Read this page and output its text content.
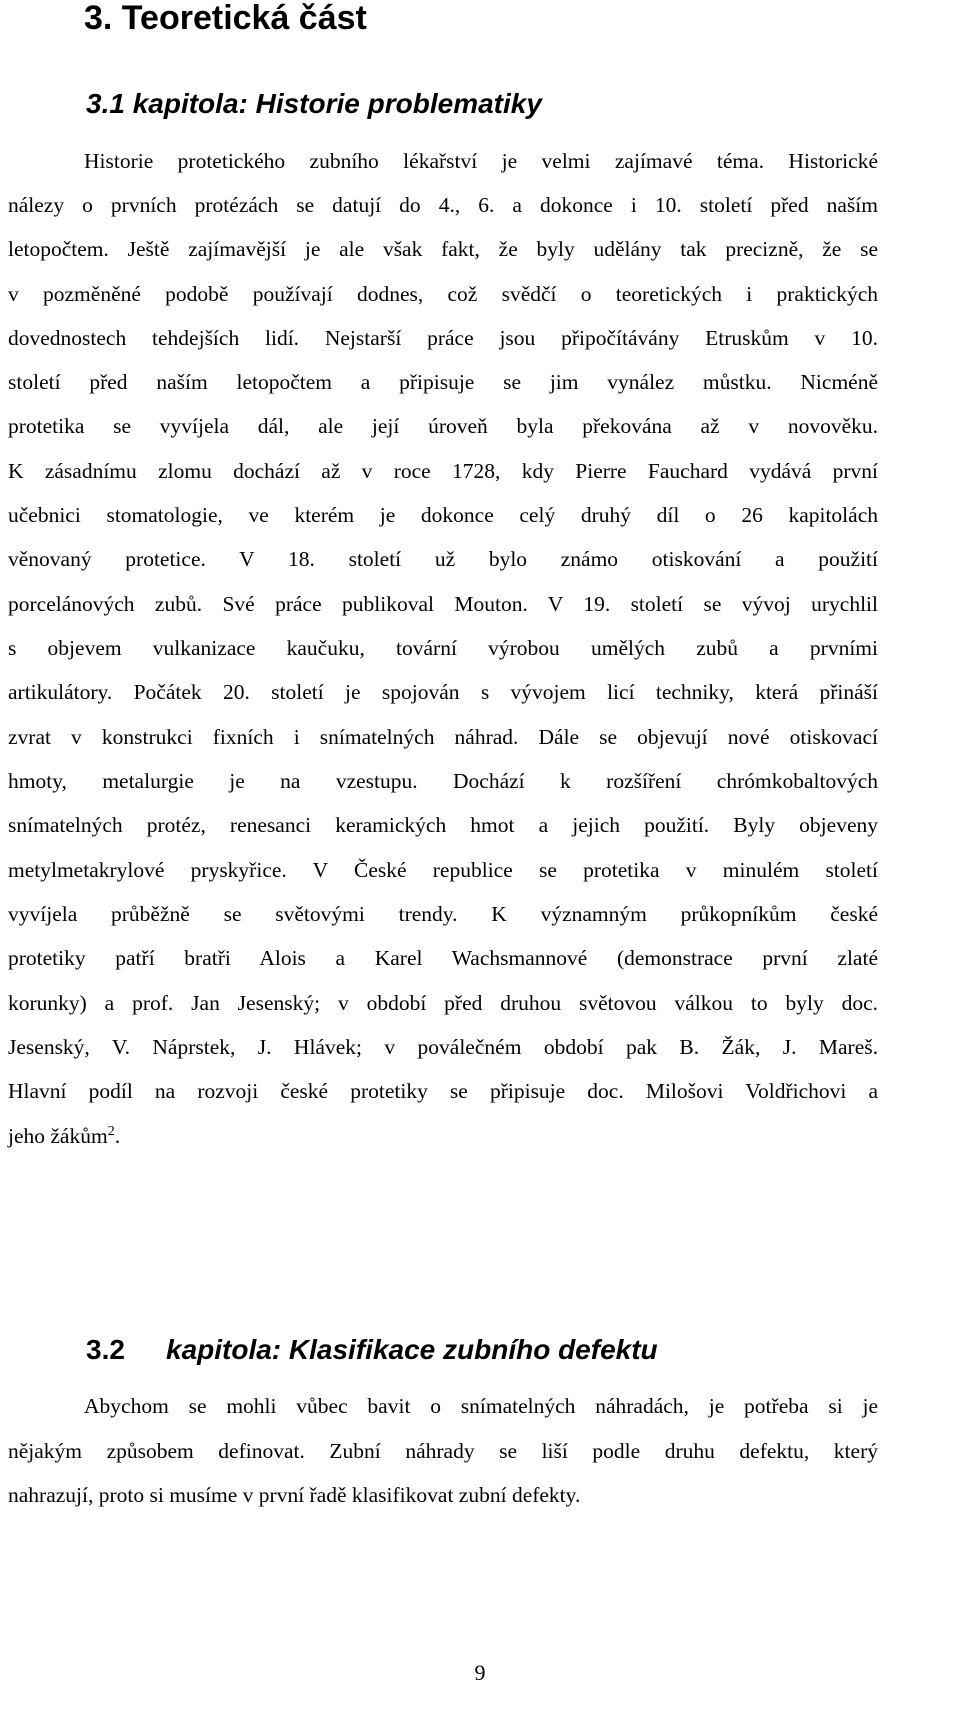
3. Teoretická část
3.1 kapitola: Historie problematiky
Historie protetického zubního lékařství je velmi zajímavé téma. Historické
nálezy o prvních protézách se datují do 4., 6. a dokonce i 10. století před naším
letopočtem. Ještě zajímavější je ale však fakt, že byly udělány tak precizně, že se
v pozměněné podobě používají dodnes, což svědčí o teoretických i praktických
dovednostech tehdejších lidí. Nejstarší práce jsou připočítávány Etruskům v 10.
století před naším letopočtem a připisuje se jim vynález můstku. Nicméně
protetika se vyvíjela dál, ale její úroveň byla překována až v novověku.
K zásadnímu zlomu dochází až v roce 1728, kdy Pierre Fauchard vydává první
učebnici stomatologie, ve kterém je dokonce celý druhý díl o 26 kapitolách
věnovaný protetice. V 18. století už bylo známo otiskování a použití
porcelánových zubů. Své práce publikoval Mouton. V 19. století se vývoj urychlil
s objevem vulkanizace kaučuku, tovární výrobou umělých zubů a prvními
artikulátory. Počátek 20. století je spojován s vývojem licí techniky, která přináší
zvrat v konstrukci fixních i snímatelných náhrad. Dále se objevují nové otiskovací
hmoty, metalurgie je na vzestupu. Dochází k rozšíření chrómkobaltových
snímatelných protéz, renesanci keramických hmot a jejich použití. Byly objeveny
metylmetakrylové pryskyřice. V České republice se protetika v minulém století
vyvíjela průběžně se světovými trendy. K významným průkopníkům české
protetiky patří bratři Alois a Karel Wachsmannové (demonstrace první zlaté
korunky) a prof. Jan Jesenský; v období před druhou světovou válkou to byly doc.
Jesenský, V. Náprstek, J. Hlávek; v poválečném období pak B. Žák, J. Mareš.
Hlavní podíl na rozvoji české protetiky se připisuje doc. Milošovi Voldřichovi a
jeho žákům$^2$.
3.2 kapitola: Klasifikace zubního defektu
Abychom se mohli vůbec bavit o snímatelných náhradách, je potřeba si je
nějakým způsobem definovat. Zubní náhrady se liší podle druhu defektu, který
nahrazují, proto si musíme v první řadě klasifikovat zubní defekty.
9
